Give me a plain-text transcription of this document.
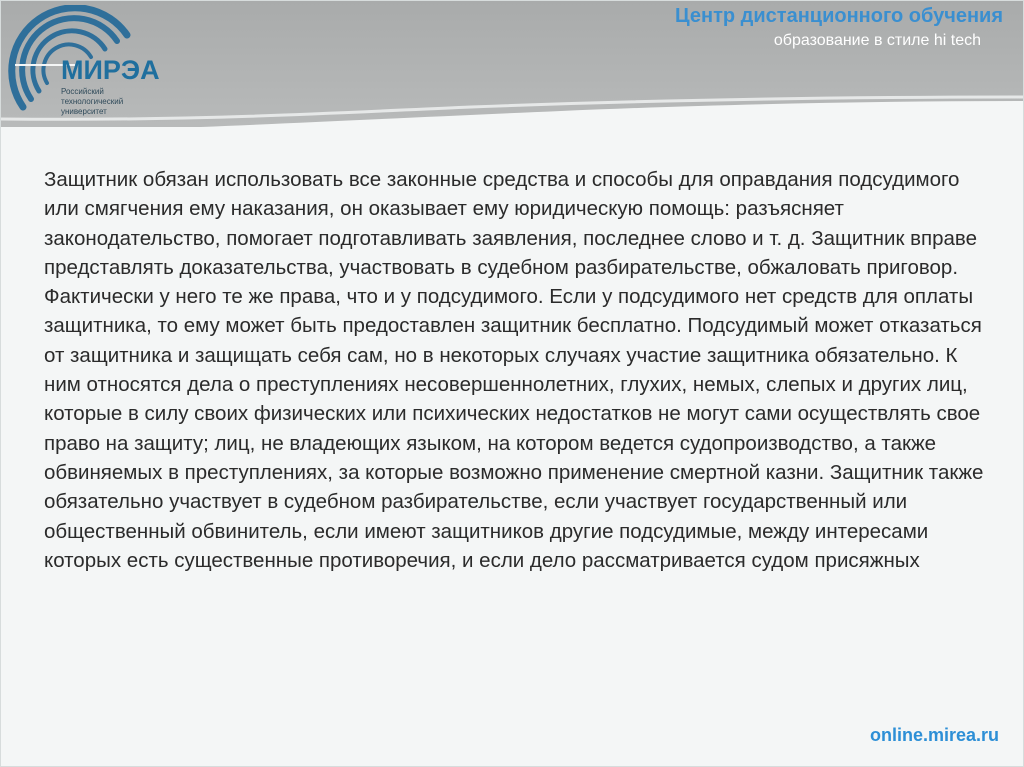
МИРЭА
Российский
технологический
университет
Центр дистанционного обучения
образование в стиле hi tech

Защитник обязан использовать все законные средства и способы для оправдания подсудимого или смягчения ему наказания, он оказывает ему юридическую помощь: разъясняет законодательство, помогает подготавливать заявления, последнее слово и т. д. Защитник вправе представлять доказательства, участвовать в судебном разбирательстве, обжаловать приговор. Фактически у него те же права, что и у подсудимого. Если у подсудимого нет средств для оплаты защитника, то ему может быть предоставлен защитник бесплатно. Подсудимый может отказаться от защитника и защищать себя сам, но в некоторых случаях участие защитника обязательно. К ним относятся дела о преступлениях несовершеннолетних, глухих, немых, слепых и других лиц, которые в силу своих физических или психических недостатков не могут сами осуществлять свое право на защиту; лиц, не владеющих языком, на котором ведется судопроизводство, а также обвиняемых в преступлениях, за которые возможно применение смертной казни. Защитник также обязательно участвует в судебном разбирательстве, если участвует государственный или общественный обвинитель, если имеют защитников другие подсудимые, между интересами которых есть существенные противоречия, и если дело рассматривается судом присяжных

online.mirea.ru
